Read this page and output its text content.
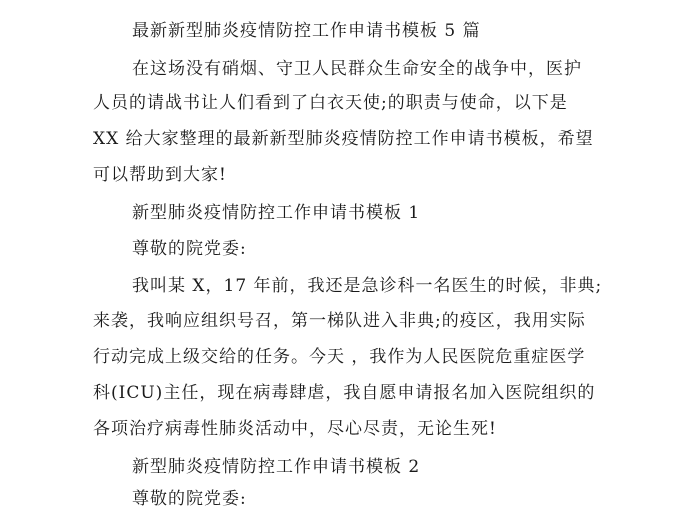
最新新型肺炎疫情防控工作申请书模板 5 篇
在这场没有硝烟、守卫人民群众生命安全的战争中，医护
人员的请战书让人们看到了白衣天使;的职责与使命，以下是
XX 给大家整理的最新新型肺炎疫情防控工作申请书模板，希望
可以帮助到大家!
新型肺炎疫情防控工作申请书模板 1
尊敬的院党委:
我叫某 X，17 年前，我还是急诊科一名医生的时候，非典;
来袭，我响应组织号召，第一梯队进入非典;的疫区，我用实际
行动完成上级交给的任务。今天 ，我作为人民医院危重症医学
科(ICU)主任，现在病毒肆虐，我自愿申请报名加入医院组织的
各项治疗病毒性肺炎活动中，尽心尽责，无论生死!
新型肺炎疫情防控工作申请书模板 2
尊敬的院党委:
